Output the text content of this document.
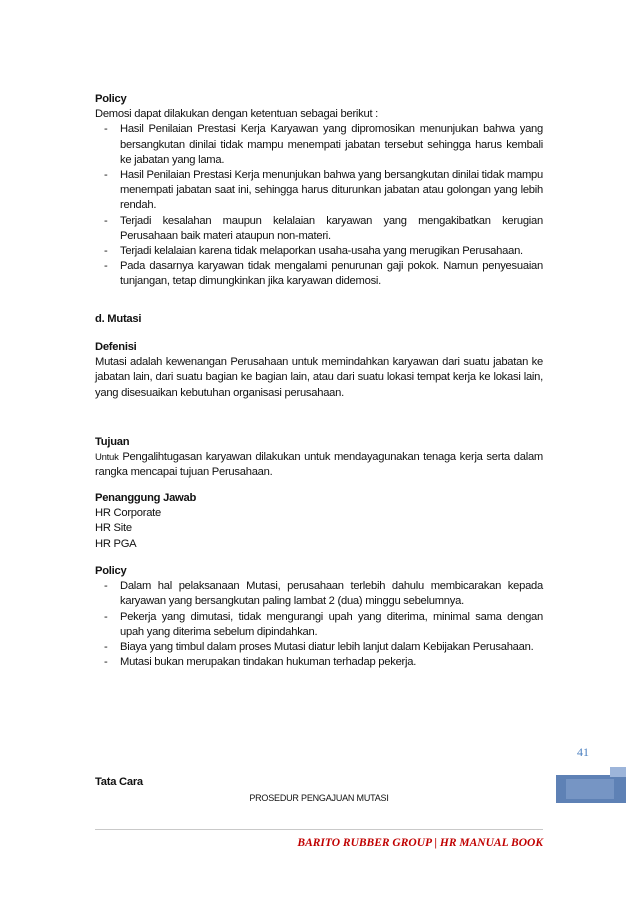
Policy
Demosi dapat dilakukan dengan ketentuan sebagai berikut :
- Hasil Penilaian Prestasi Kerja Karyawan yang dipromosikan menunjukan bahwa yang bersangkutan dinilai tidak mampu menempati jabatan tersebut sehingga harus kembali ke jabatan yang lama.
- Hasil Penilaian Prestasi Kerja menunjukan bahwa yang bersangkutan dinilai tidak mampu menempati jabatan saat ini, sehingga harus diturunkan jabatan atau golongan yang lebih rendah.
- Terjadi kesalahan maupun kelalaian karyawan yang mengakibatkan kerugian Perusahaan baik materi ataupun non-materi.
- Terjadi kelalaian karena tidak melaporkan usaha-usaha yang merugikan Perusahaan.
- Pada dasarnya karyawan tidak mengalami penurunan gaji pokok. Namun penyesuaian tunjangan, tetap dimungkinkan jika karyawan didemosi.
d. Mutasi
Defenisi
Mutasi adalah kewenangan Perusahaan untuk memindahkan karyawan dari suatu jabatan ke jabatan lain, dari suatu bagian ke bagian lain, atau dari suatu lokasi tempat kerja ke lokasi lain, yang disesuaikan kebutuhan organisasi perusahaan.
Tujuan
Untuk Pengalihtugasan karyawan dilakukan untuk mendayagunakan tenaga kerja serta dalam rangka mencapai tujuan Perusahaan.
Penanggung Jawab
HR Corporate
HR Site
HR PGA
Policy
- Dalam hal pelaksanaan Mutasi, perusahaan terlebih dahulu membicarakan kepada karyawan yang bersangkutan paling lambat 2 (dua) minggu sebelumnya.
- Pekerja yang dimutasi, tidak mengurangi upah yang diterima, minimal sama dengan upah yang diterima sebelum dipindahkan.
- Biaya yang timbul dalam proses Mutasi diatur lebih lanjut dalam Kebijakan Perusahaan.
- Mutasi bukan merupakan tindakan hukuman terhadap pekerja.
41
Tata Cara
PROSEDUR PENGAJUAN MUTASI
BARITO RUBBER GROUP | HR MANUAL BOOK
